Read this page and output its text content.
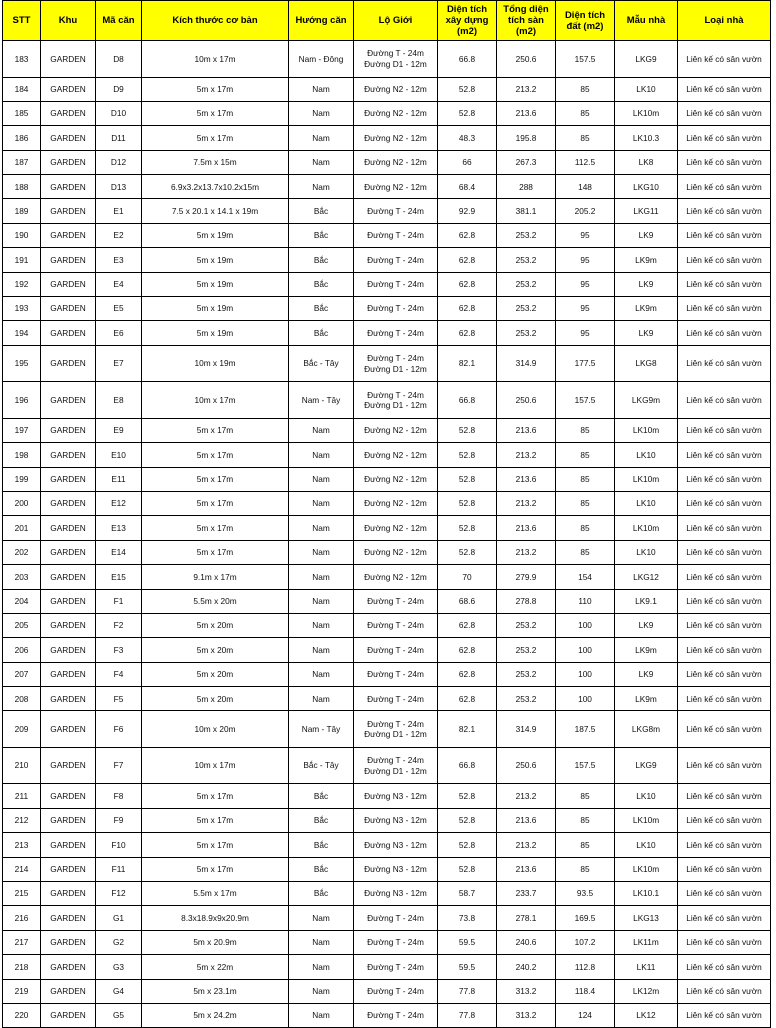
STT	Khu	Mã căn	Kích thước cơ bản	Hướng căn	Lộ Giới	Diện tích xây dựng (m2)	Tổng diện tích sàn (m2)	Diện tích đất (m2)	Mẫu nhà	Loại nhà
183	GARDEN	D8	10m x 17m	Nam - Đông	Đường T - 24m
Đường D1 - 12m	66.8	250.6	157.5	LKG9	Liên kế có sân vườn
184	GARDEN	D9	5m x 17m	Nam	Đường N2 - 12m	52.8	213.2	85	LK10	Liên kế có sân vườn
185	GARDEN	D10	5m x 17m	Nam	Đường N2 - 12m	52.8	213.6	85	LK10m	Liên kế có sân vườn
186	GARDEN	D11	5m x 17m	Nam	Đường N2 - 12m	48.3	195.8	85	LK10.3	Liên kế có sân vườn
187	GARDEN	D12	7.5m x 15m	Nam	Đường N2 - 12m	66	267.3	112.5	LK8	Liên kế có sân vườn
188	GARDEN	D13	6.9x3.2x13.7x10.2x15m	Nam	Đường N2 - 12m	68.4	288	148	LKG10	Liên kế có sân vườn
189	GARDEN	E1	7.5 x 20.1 x 14.1 x 19m	Bắc	Đường T - 24m	92.9	381.1	205.2	LKG11	Liên kế có sân vườn
190	GARDEN	E2	5m x 19m	Bắc	Đường T - 24m	62.8	253.2	95	LK9	Liên kế có sân vườn
191	GARDEN	E3	5m x 19m	Bắc	Đường T - 24m	62.8	253.2	95	LK9m	Liên kế có sân vườn
192	GARDEN	E4	5m x 19m	Bắc	Đường T - 24m	62.8	253.2	95	LK9	Liên kế có sân vườn
193	GARDEN	E5	5m x 19m	Bắc	Đường T - 24m	62.8	253.2	95	LK9m	Liên kế có sân vườn
194	GARDEN	E6	5m x 19m	Bắc	Đường T - 24m	62.8	253.2	95	LK9	Liên kế có sân vườn
195	GARDEN	E7	10m x 19m	Bắc - Tây	Đường T - 24m
Đường D1 - 12m	82.1	314.9	177.5	LKG8	Liên kế có sân vườn
196	GARDEN	E8	10m x 17m	Nam - Tây	Đường T - 24m
Đường D1 - 12m	66.8	250.6	157.5	LKG9m	Liên kế có sân vườn
197	GARDEN	E9	5m x 17m	Nam	Đường N2 - 12m	52.8	213.6	85	LK10m	Liên kế có sân vườn
198	GARDEN	E10	5m x 17m	Nam	Đường N2 - 12m	52.8	213.2	85	LK10	Liên kế có sân vườn
199	GARDEN	E11	5m x 17m	Nam	Đường N2 - 12m	52.8	213.6	85	LK10m	Liên kế có sân vườn
200	GARDEN	E12	5m x 17m	Nam	Đường N2 - 12m	52.8	213.2	85	LK10	Liên kế có sân vườn
201	GARDEN	E13	5m x 17m	Nam	Đường N2 - 12m	52.8	213.6	85	LK10m	Liên kế có sân vườn
202	GARDEN	E14	5m x 17m	Nam	Đường N2 - 12m	52.8	213.2	85	LK10	Liên kế có sân vườn
203	GARDEN	E15	9.1m x 17m	Nam	Đường N2 - 12m	70	279.9	154	LKG12	Liên kế có sân vườn
204	GARDEN	F1	5.5m x 20m	Nam	Đường T - 24m	68.6	278.8	110	LK9.1	Liên kế có sân vườn
205	GARDEN	F2	5m x 20m	Nam	Đường T - 24m	62.8	253.2	100	LK9	Liên kế có sân vườn
206	GARDEN	F3	5m x 20m	Nam	Đường T - 24m	62.8	253.2	100	LK9m	Liên kế có sân vườn
207	GARDEN	F4	5m x 20m	Nam	Đường T - 24m	62.8	253.2	100	LK9	Liên kế có sân vườn
208	GARDEN	F5	5m x 20m	Nam	Đường T - 24m	62.8	253.2	100	LK9m	Liên kế có sân vườn
209	GARDEN	F6	10m x 20m	Nam - Tây	Đường T - 24m
Đường D1 - 12m	82.1	314.9	187.5	LKG8m	Liên kế có sân vườn
210	GARDEN	F7	10m x 17m	Bắc - Tây	Đường T - 24m
Đường D1 - 12m	66.8	250.6	157.5	LKG9	Liên kế có sân vườn
211	GARDEN	F8	5m x 17m	Bắc	Đường N3 - 12m	52.8	213.2	85	LK10	Liên kế có sân vườn
212	GARDEN	F9	5m x 17m	Bắc	Đường N3 - 12m	52.8	213.6	85	LK10m	Liên kế có sân vườn
213	GARDEN	F10	5m x 17m	Bắc	Đường N3 - 12m	52.8	213.2	85	LK10	Liên kế có sân vườn
214	GARDEN	F11	5m x 17m	Bắc	Đường N3 - 12m	52.8	213.6	85	LK10m	Liên kế có sân vườn
215	GARDEN	F12	5.5m x 17m	Bắc	Đường N3 - 12m	58.7	233.7	93.5	LK10.1	Liên kế có sân vườn
216	GARDEN	G1	8.3x18.9x9x20.9m	Nam	Đường T - 24m	73.8	278.1	169.5	LKG13	Liên kế có sân vườn
217	GARDEN	G2	5m x 20.9m	Nam	Đường T - 24m	59.5	240.6	107.2	LK11m	Liên kế có sân vườn
218	GARDEN	G3	5m x 22m	Nam	Đường T - 24m	59.5	240.2	112.8	LK11	Liên kế có sân vườn
219	GARDEN	G4	5m x 23.1m	Nam	Đường T - 24m	77.8	313.2	118.4	LK12m	Liên kế có sân vườn
220	GARDEN	G5	5m x 24.2m	Nam	Đường T - 24m	77.8	313.2	124	LK12	Liên kế có sân vườn
